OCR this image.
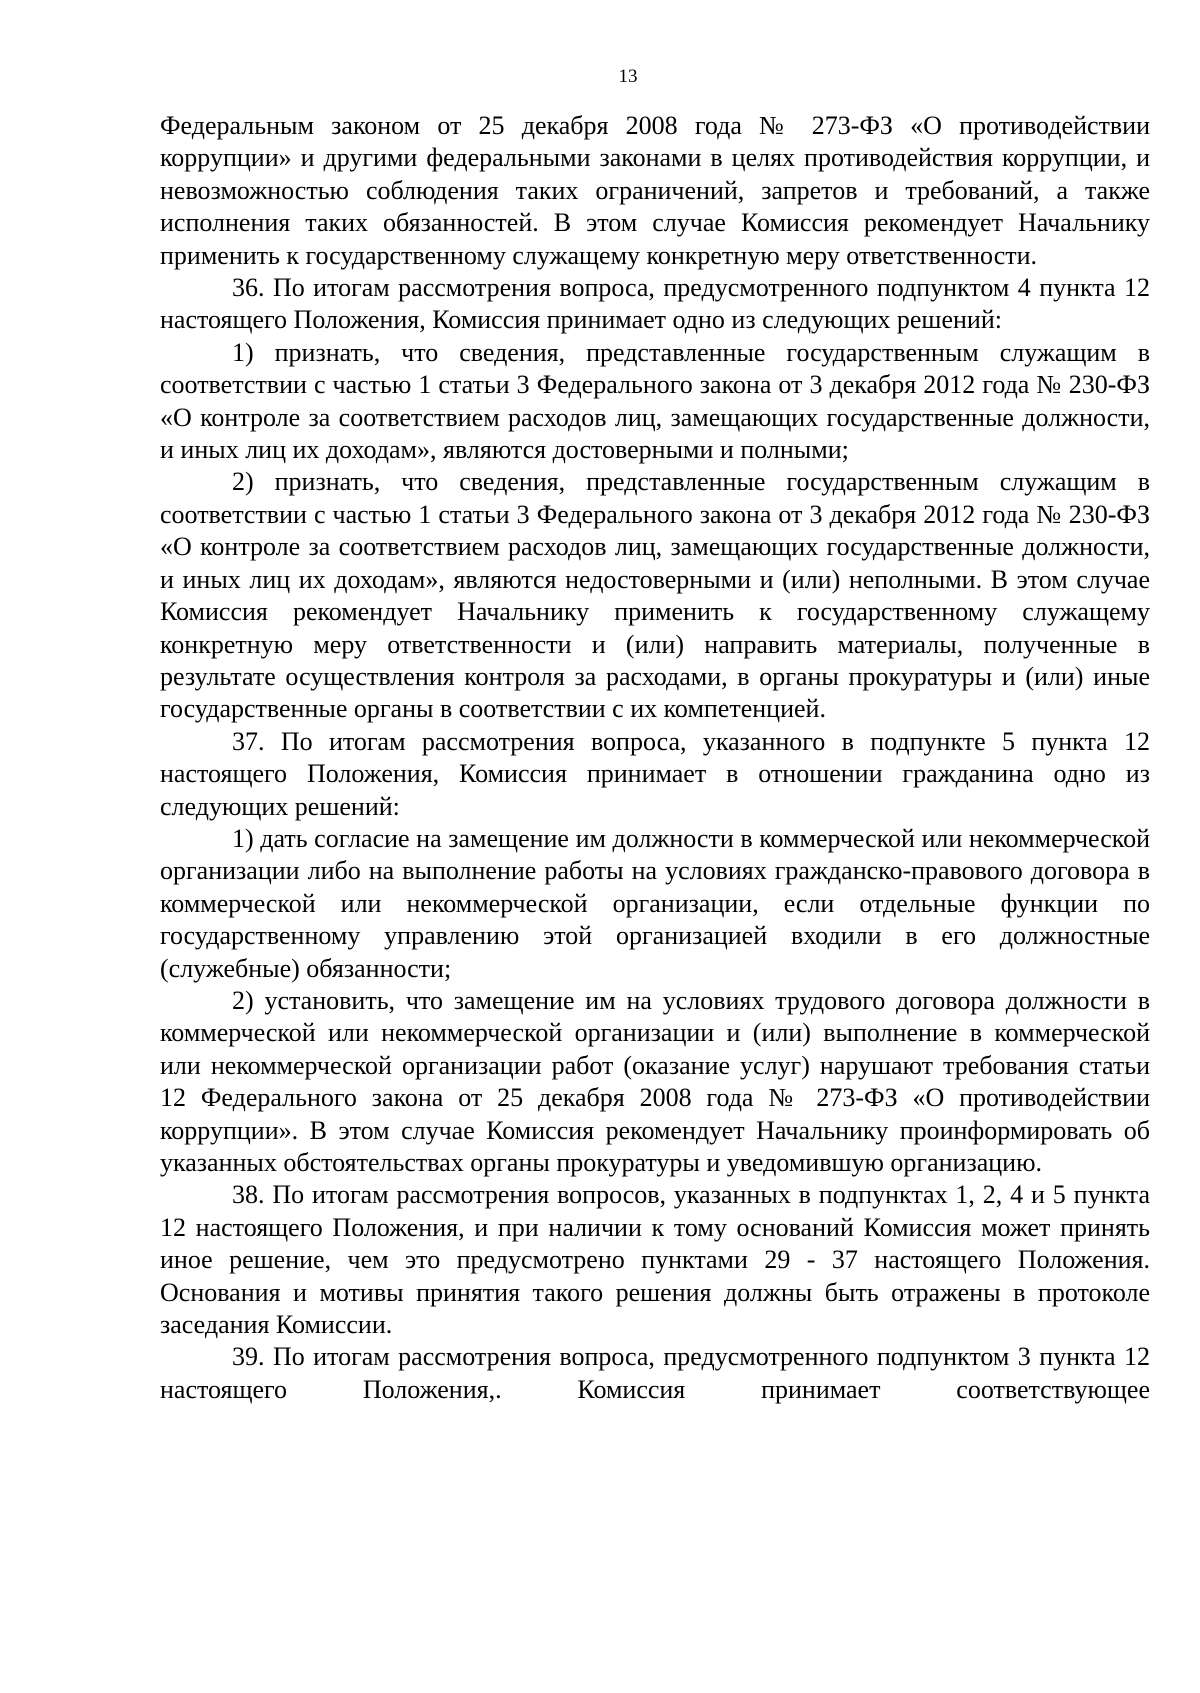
13

Федеральным законом от 25 декабря 2008 года № 273-ФЗ «О противодействии коррупции» и другими федеральными законами в целях противодействия коррупции, и невозможностью соблюдения таких ограничений, запретов и требований, а также исполнения таких обязанностей. В этом случае Комиссия рекомендует Начальнику применить к государственному служащему конкретную меру ответственности.

36. По итогам рассмотрения вопроса, предусмотренного подпунктом 4 пункта 12 настоящего Положения, Комиссия принимает одно из следующих решений:

1) признать, что сведения, представленные государственным служащим в соответствии с частью 1 статьи 3 Федерального закона от 3 декабря 2012 года № 230-ФЗ «О контроле за соответствием расходов лиц, замещающих государственные должности, и иных лиц их доходам», являются достоверными и полными;

2) признать, что сведения, представленные государственным служащим в соответствии с частью 1 статьи 3 Федерального закона от 3 декабря 2012 года № 230-ФЗ «О контроле за соответствием расходов лиц, замещающих государственные должности, и иных лиц их доходам», являются недостоверными и (или) неполными. В этом случае Комиссия рекомендует Начальнику применить к государственному служащему конкретную меру ответственности и (или) направить материалы, полученные в результате осуществления контроля за расходами, в органы прокуратуры и (или) иные государственные органы в соответствии с их компетенцией.

37. По итогам рассмотрения вопроса, указанного в подпункте 5 пункта 12 настоящего Положения, Комиссия принимает в отношении гражданина одно из следующих решений:

1) дать согласие на замещение им должности в коммерческой или некоммерческой организации либо на выполнение работы на условиях гражданско-правового договора в коммерческой или некоммерческой организации, если отдельные функции по государственному управлению этой организацией входили в его должностные (служебные) обязанности;

2) установить, что замещение им на условиях трудового договора должности в коммерческой или некоммерческой организации и (или) выполнение в коммерческой или некоммерческой организации работ (оказание услуг) нарушают требования статьи 12 Федерального закона от 25 декабря 2008 года № 273-ФЗ «О противодействии коррупции». В этом случае Комиссия рекомендует Начальнику проинформировать об указанных обстоятельствах органы прокуратуры и уведомившую организацию.

38. По итогам рассмотрения вопросов, указанных в подпунктах 1, 2, 4 и 5 пункта 12 настоящего Положения, и при наличии к тому оснований Комиссия может принять иное решение, чем это предусмотрено пунктами 29 - 37 настоящего Положения. Основания и мотивы принятия такого решения должны быть отражены в протоколе заседания Комиссии.

39. По итогам рассмотрения вопроса, предусмотренного подпунктом 3 пункта 12 настоящего Положения,. Комиссия принимает соответствующее
